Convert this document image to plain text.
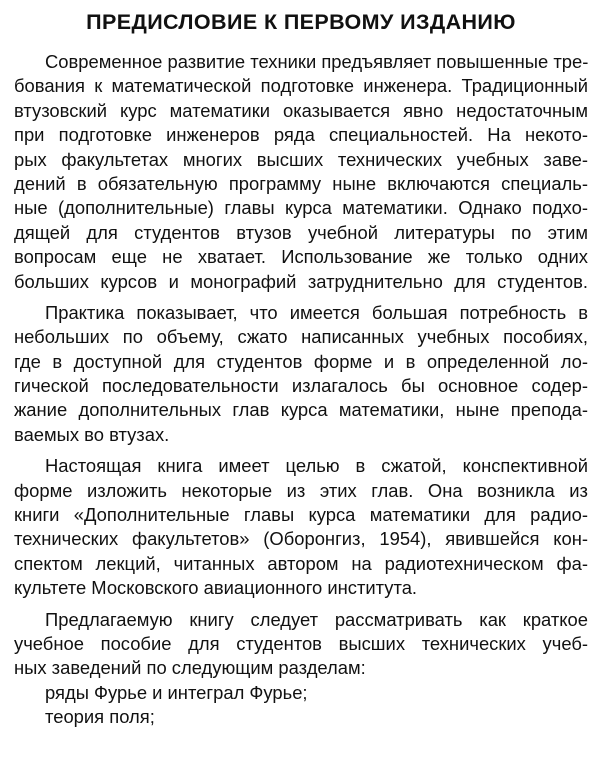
ПРЕДИСЛОВИЕ К ПЕРВОМУ ИЗДАНИЮ
Современное развитие техники предъявляет повышенные тре-
бования к математической подготовке инженера. Традиционный
втузовский курс математики оказывается явно недостаточным
при подготовке инженеров ряда специальностей. На некото-
рых факультетах многих высших технических учебных заве-
дений в обязательную программу ныне включаются специаль-
ные (дополнительные) главы курса математики. Однако подхо-
дящей для студентов втузов учебной литературы по этим
вопросам еще не хватает. Использование же только одних
больших курсов и монографий затруднительно для студентов.
Практика показывает, что имеется большая потребность в
небольших по объему, сжато написанных учебных пособиях,
где в доступной для студентов форме и в определенной ло-
гической последовательности излагалось бы основное содер-
жание дополнительных глав курса математики, ныне препода-
ваемых во втузах.
Настоящая книга имеет целью в сжатой, конспективной
форме изложить некоторые из этих глав. Она возникла из
книги «Дополнительные главы курса математики для радио-
технических факультетов» (Оборонгиз, 1954), явившейся кон-
спектом лекций, читанных автором на радиотехническом фа-
культете Московского авиационного института.
Предлагаемую книгу следует рассматривать как краткое
учебное пособие для студентов высших технических учеб-
ных заведений по следующим разделам:
ряды Фурье и интеграл Фурье;
теория поля;
